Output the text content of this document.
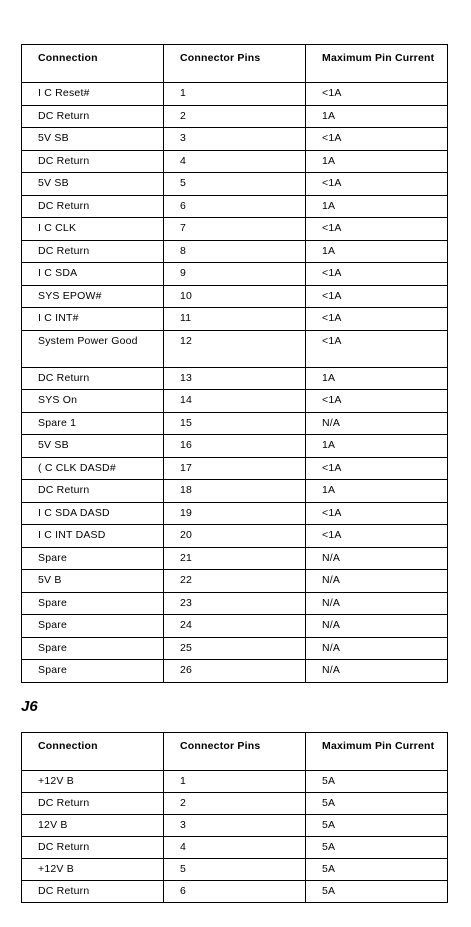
Connection	Connector Pins	Maximum Pin Current
I C Reset#	1	<1A
DC Return	2	1A
5V SB	3	<1A
DC Return	4	1A
5V SB	5	<1A
DC Return	6	1A
I C CLK	7	<1A
DC Return	8	1A
I C SDA	9	<1A
SYS EPOW#	10	<1A
I C INT#	11	<1A
System Power Good	12	<1A
DC Return	13	1A
SYS On	14	<1A
Spare 1	15	N/A
5V SB	16	1A
( C CLK DASD#	17	<1A
DC Return	18	1A
I C SDA DASD	19	<1A
I C INT DASD	20	<1A
Spare	21	N/A
5V B	22	N/A
Spare	23	N/A
Spare	24	N/A
Spare	25	N/A
Spare	26	N/A
J6
Connection	Connector Pins	Maximum Pin Current
+12V B	1	5A
DC Return	2	5A
12V B	3	5A
DC Return	4	5A
+12V B	5	5A
DC Return	6	5A
